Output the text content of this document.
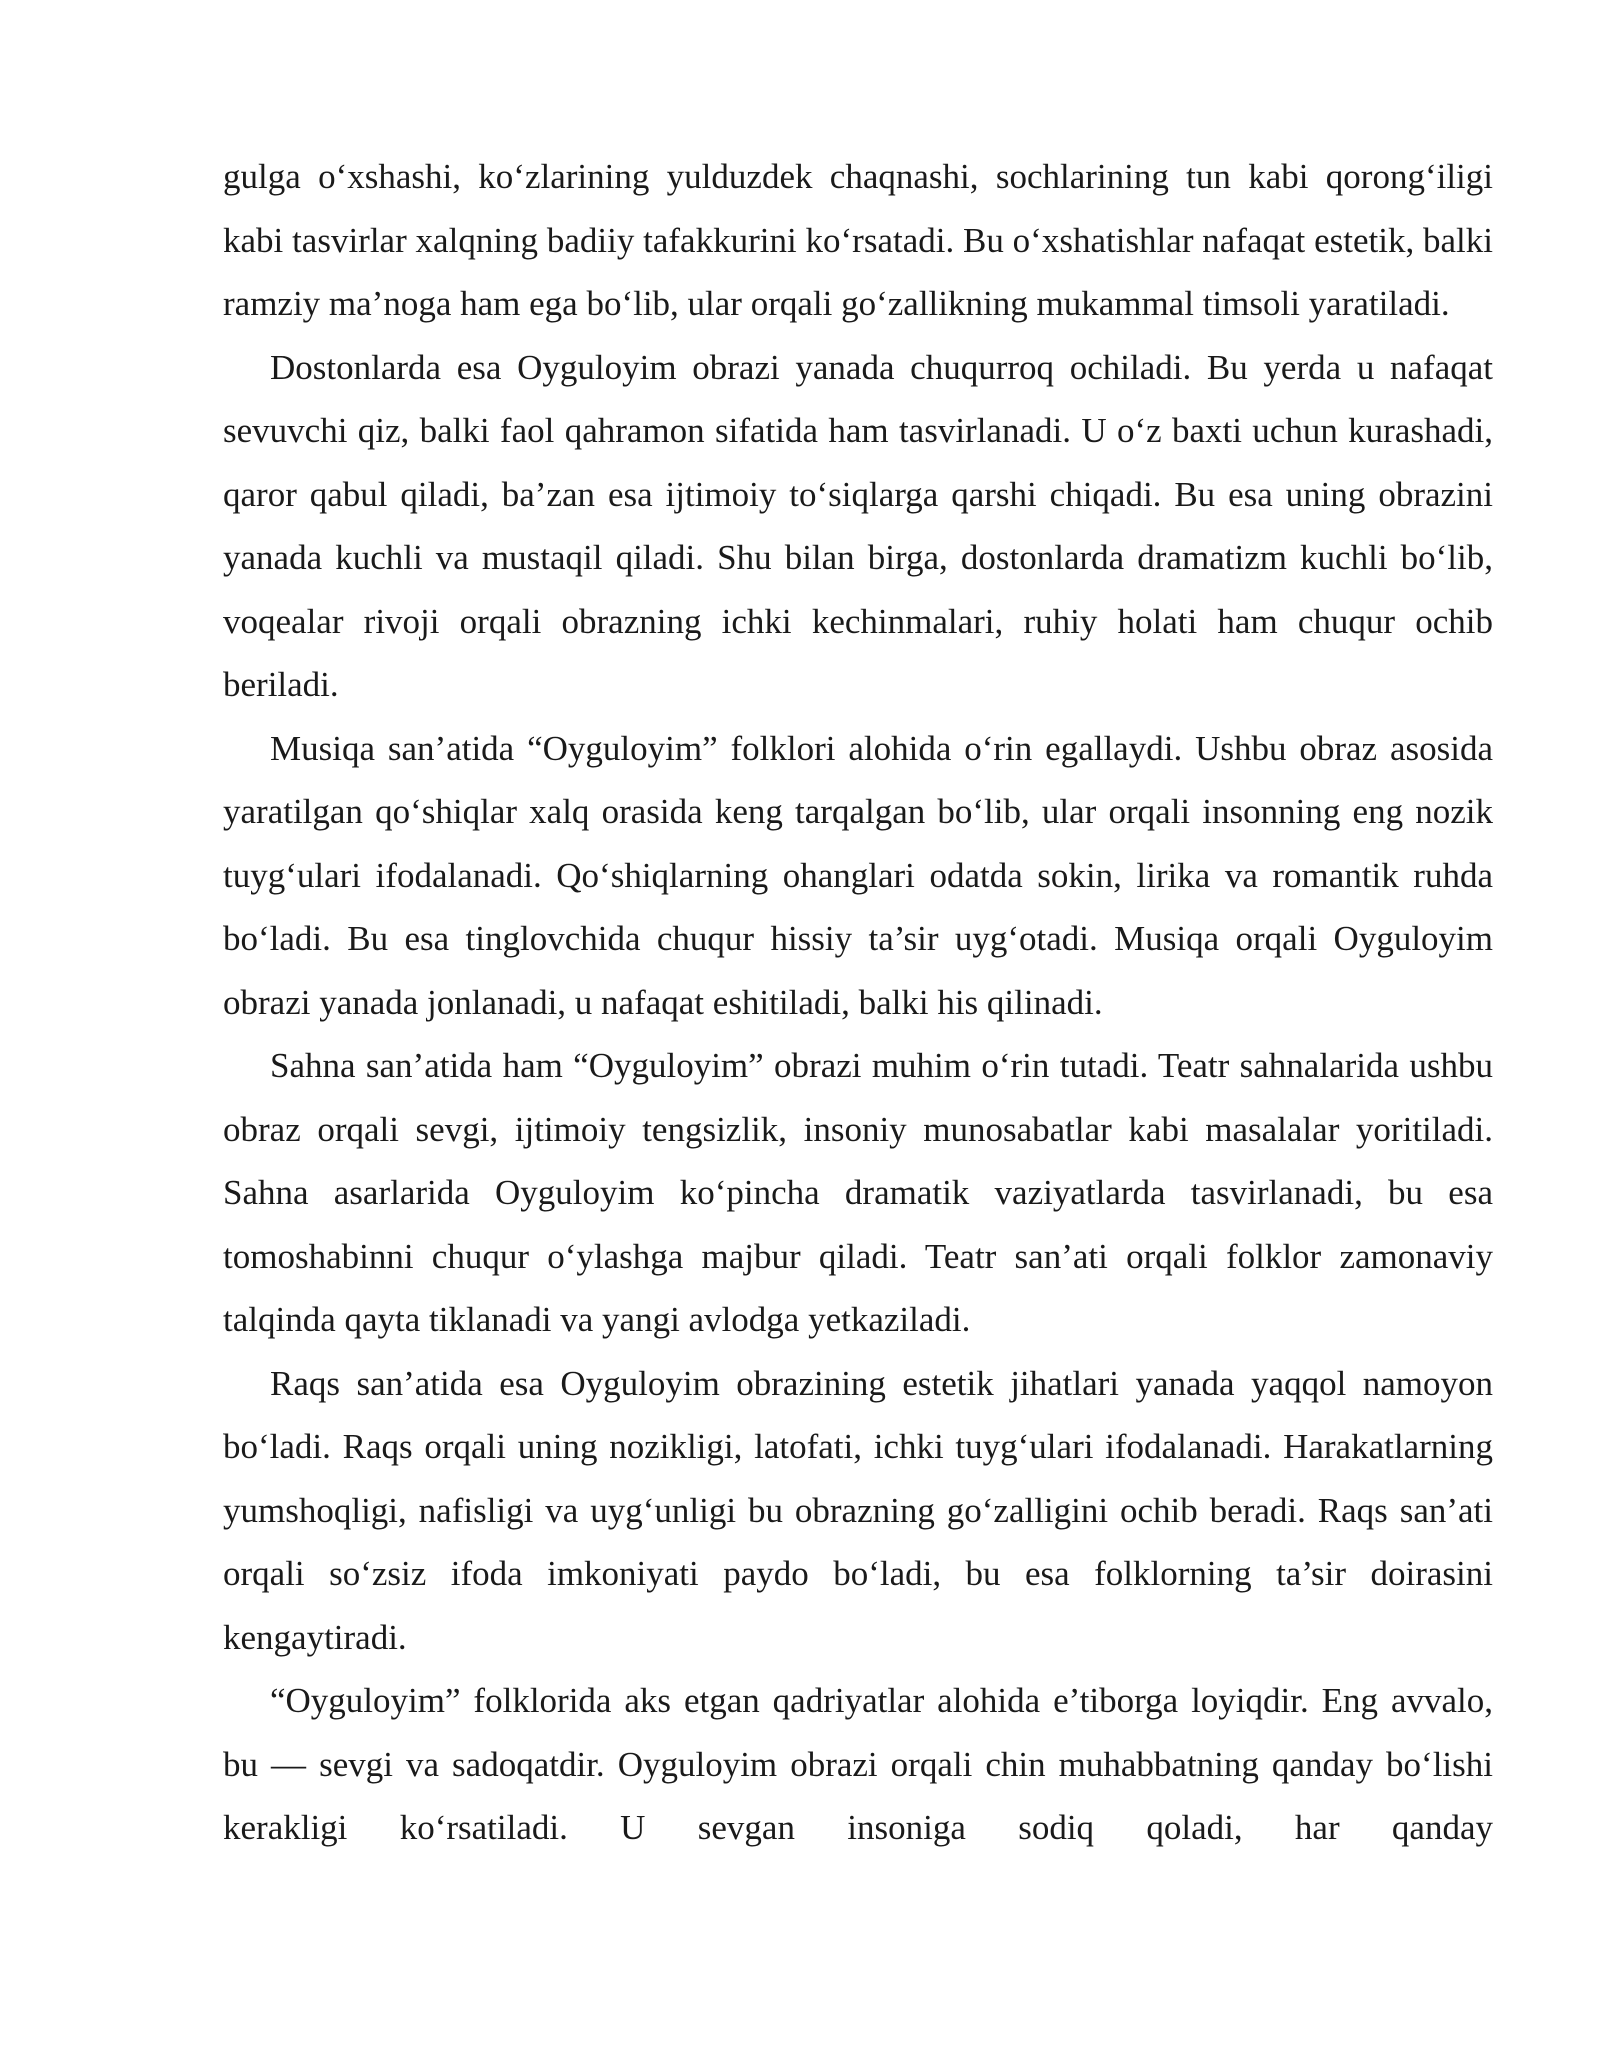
gulga o‘xshashi, ko‘zlarining yulduzdek chaqnashi, sochlarining tun kabi qorong‘iligi kabi tasvirlar xalqning badiiy tafakkurini ko‘rsatadi. Bu o‘xshatishlar nafaqat estetik, balki ramziy ma’noga ham ega bo‘lib, ular orqali go‘zallikning mukammal timsoli yaratiladi.

Dostonlarda esa Oyguloyim obrazi yanada chuqurroq ochiladi. Bu yerda u nafaqat sevuvchi qiz, balki faol qahramon sifatida ham tasvirlanadi. U o‘z baxti uchun kurashadi, qaror qabul qiladi, ba’zan esa ijtimoiy to‘siqlarga qarshi chiqadi. Bu esa uning obrazini yanada kuchli va mustaqil qiladi. Shu bilan birga, dostonlarda dramatizm kuchli bo‘lib, voqealar rivoji orqali obrazning ichki kechinmalari, ruhiy holati ham chuqur ochib beriladi.

Musiqa san’atida “Oyguloyim” folklori alohida o‘rin egallaydi. Ushbu obraz asosida yaratilgan qo‘shiqlar xalq orasida keng tarqalgan bo‘lib, ular orqali insonning eng nozik tuyg‘ulari ifodalanadi. Qo‘shiqlarning ohanglari odatda sokin, lirika va romantik ruhda bo‘ladi. Bu esa tinglovchida chuqur hissiy ta’sir uyg‘otadi. Musiqa orqali Oyguloyim obrazi yanada jonlanadi, u nafaqat eshitiladi, balki his qilinadi.

Sahna san’atida ham “Oyguloyim” obrazi muhim o‘rin tutadi. Teatr sahnalarida ushbu obraz orqali sevgi, ijtimoiy tengsizlik, insoniy munosabatlar kabi masalalar yoritiladi. Sahna asarlarida Oyguloyim ko‘pincha dramatik vaziyatlarda tasvirlanadi, bu esa tomoshabinni chuqur o‘ylashga majbur qiladi. Teatr san’ati orqali folklor zamonaviy talqinda qayta tiklanadi va yangi avlodga yetkaziladi.

Raqs san’atida esa Oyguloyim obrazining estetik jihatlari yanada yaqqol namoyon bo‘ladi. Raqs orqali uning nozikligi, latofati, ichki tuyg‘ulari ifodalanadi. Harakatlarning yumshoqligi, nafisligi va uyg‘unligi bu obrazning go‘zalligini ochib beradi. Raqs san’ati orqali so‘zsiz ifoda imkoniyati paydo bo‘ladi, bu esa folklorning ta’sir doirasini kengaytiradi.

“Oyguloyim” folklorida aks etgan qadriyatlar alohida e’tiborga loyiqdir. Eng avvalo, bu — sevgi va sadoqatdir. Oyguloyim obrazi orqali chin muhabbatning qanday bo‘lishi kerakligi ko‘rsatiladi. U sevgan insoniga sodiq qoladi, har qanday
